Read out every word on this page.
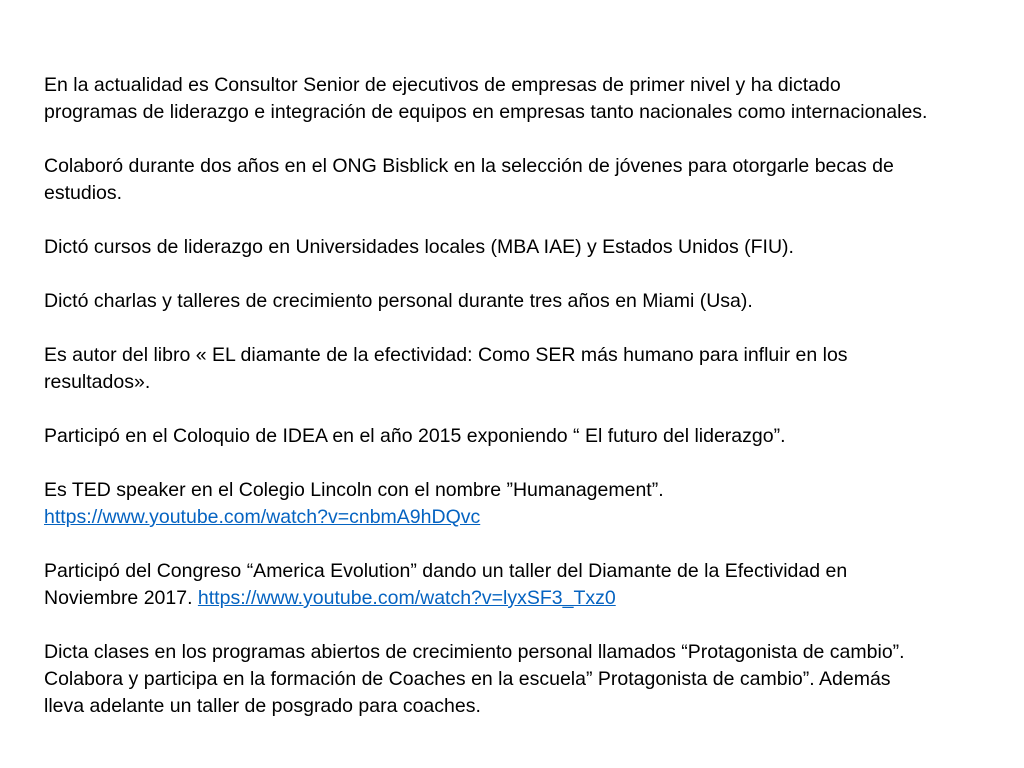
En la actualidad es Consultor Senior de ejecutivos de empresas de primer nivel y ha dictado
programas de liderazgo e integración de equipos en empresas tanto nacionales como internacionales.

Colaboró durante dos años en el ONG Bisblick en la selección de jóvenes para otorgarle becas de
estudios.

Dictó cursos de liderazgo en Universidades locales (MBA IAE) y Estados Unidos (FIU).

Dictó charlas y talleres de crecimiento personal durante tres años en Miami (Usa).

Es autor del libro « EL diamante de la efectividad: Como SER más humano para influir en los
resultados».

Participó en el Coloquio de IDEA en el año 2015 exponiendo “ El futuro del liderazgo”.

Es TED speaker en el Colegio Lincoln con el nombre ”Humanagement”.
https://www.youtube.com/watch?v=cnbmA9hDQvc

Participó del Congreso “America Evolution” dando un taller del Diamante de la Efectividad en
Noviembre 2017. https://www.youtube.com/watch?v=lyxSF3_Txz0

Dicta clases en los programas abiertos de crecimiento personal llamados “Protagonista de cambio”.
Colabora y participa en la formación de Coaches en la escuela” Protagonista de cambio”. Además
lleva adelante un taller de posgrado para coaches.
